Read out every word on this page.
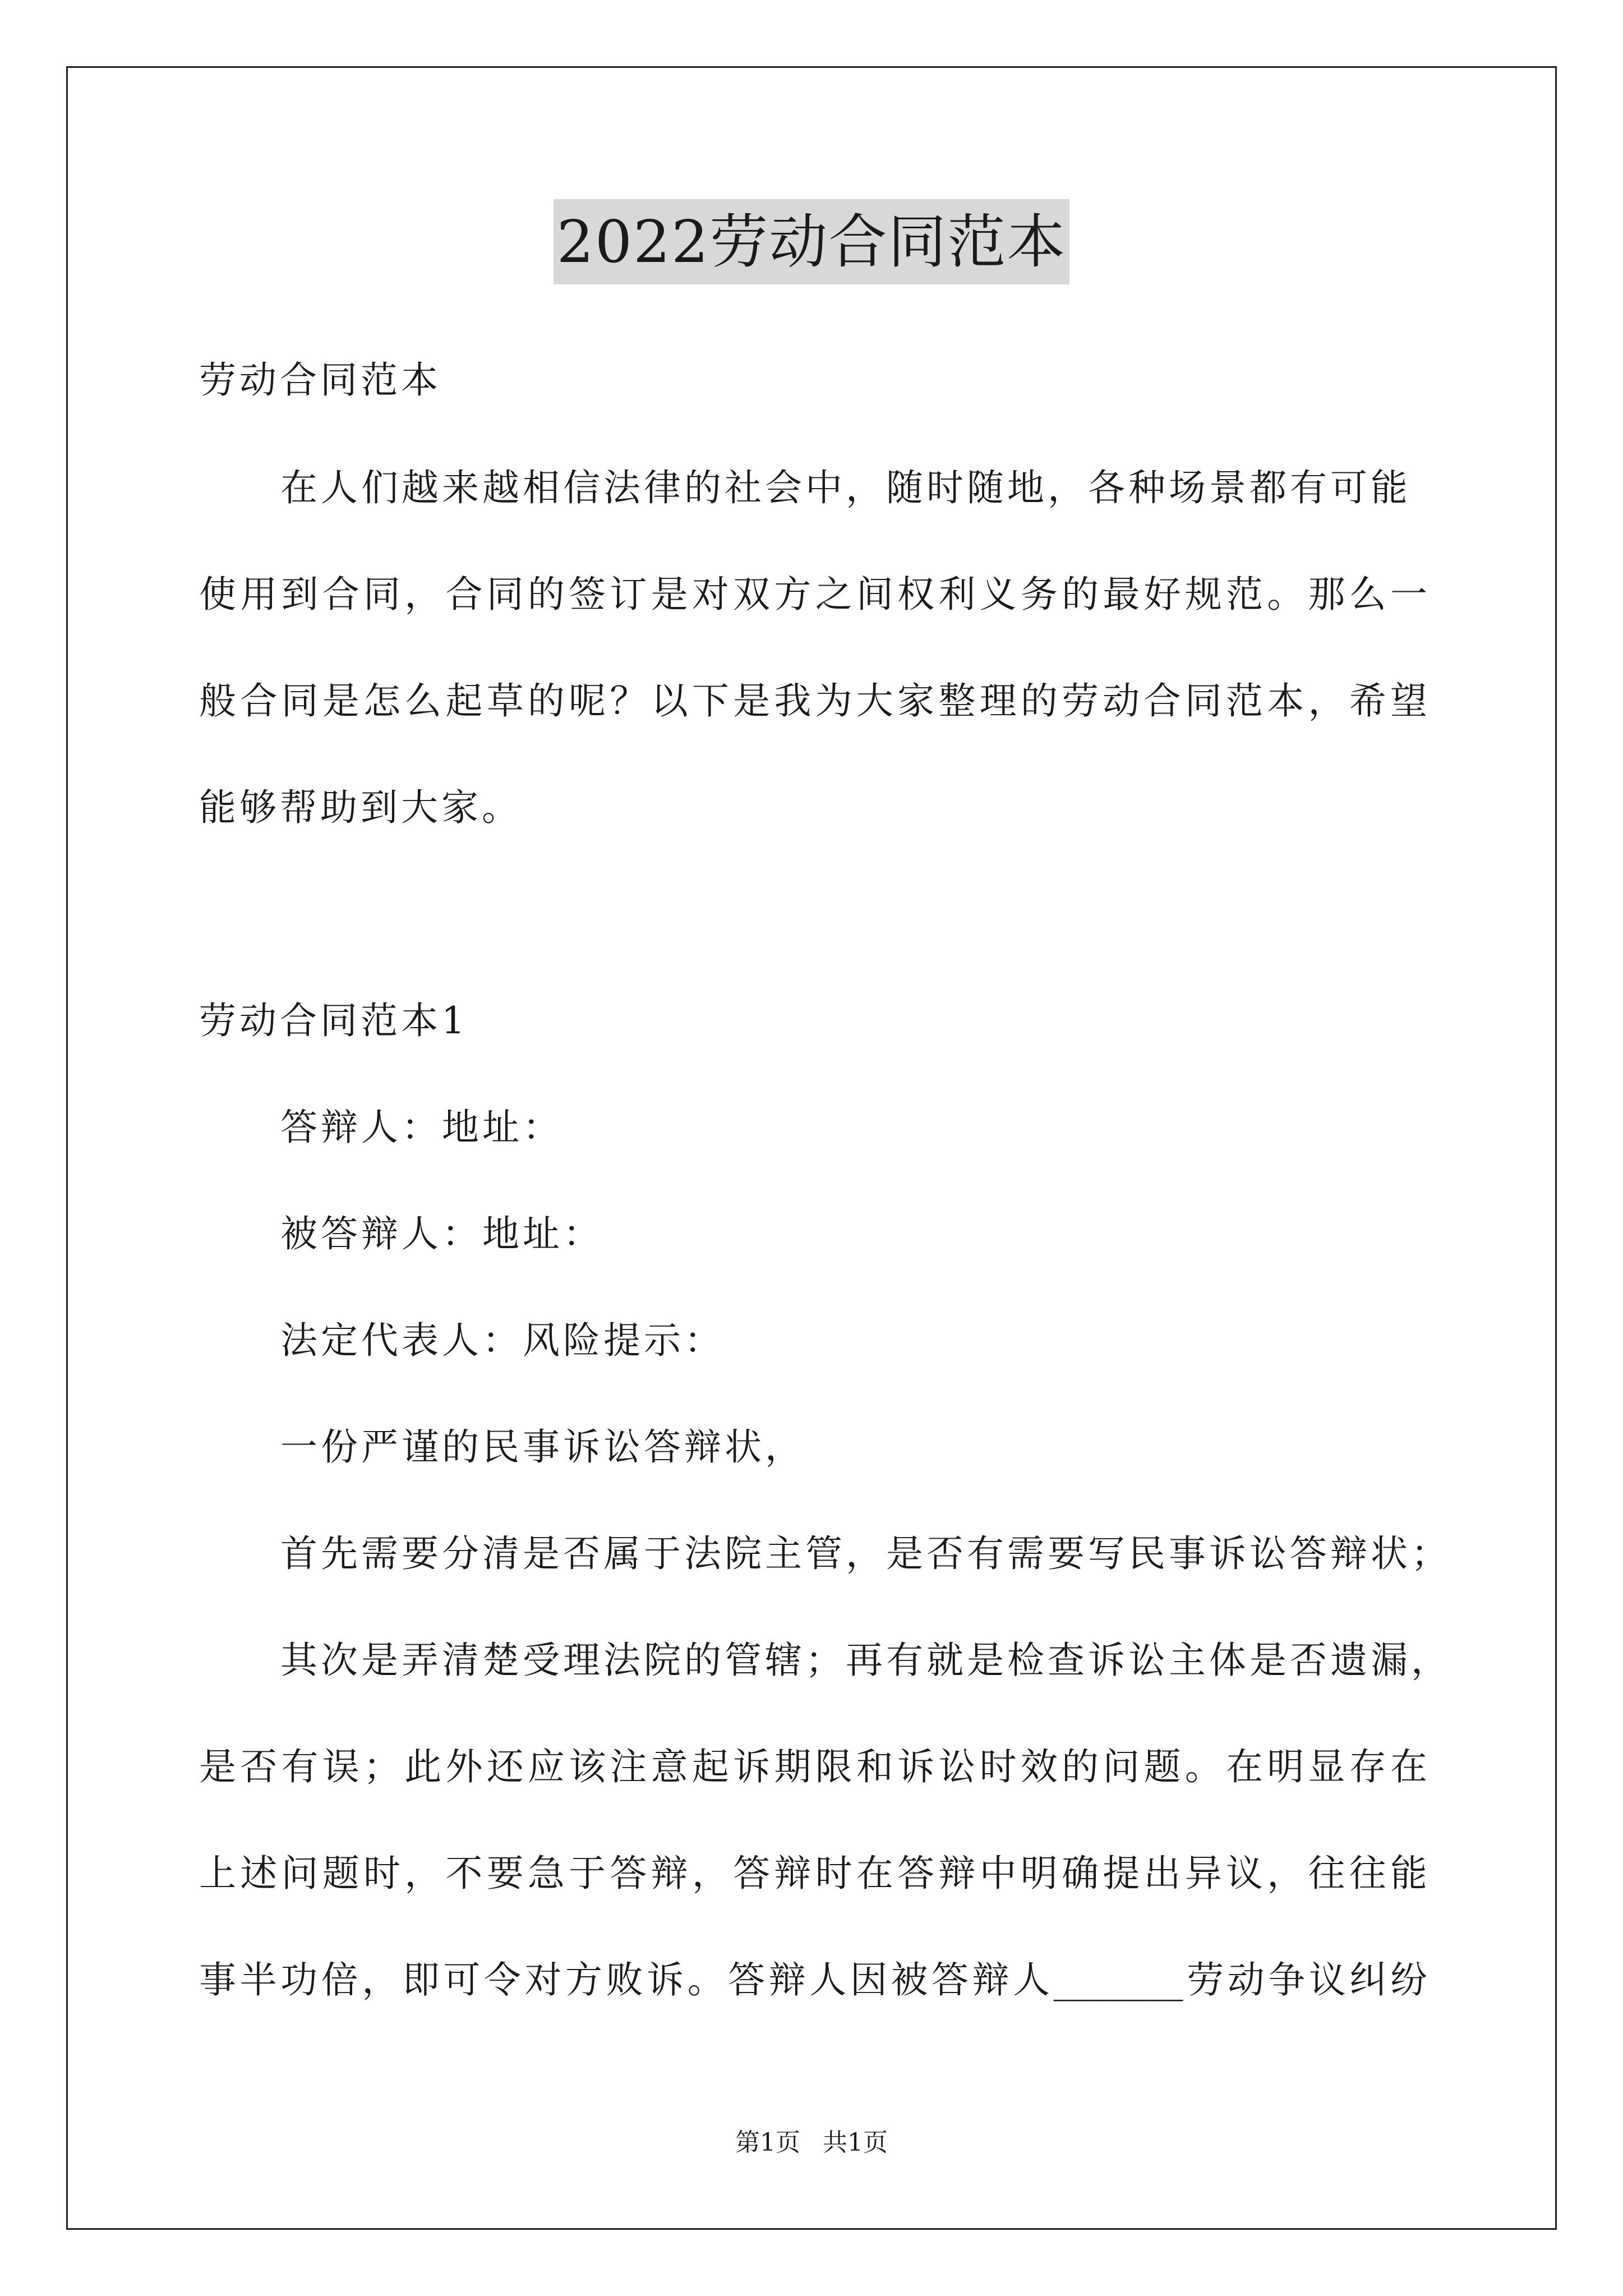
2022劳动合同范本
劳动合同范本
在人们越来越相信法律的社会中，随时随地，各种场景都有可能
使用到合同，合同的签订是对双方之间权利义务的最好规范。那么一
般合同是怎么起草的呢？以下是我为大家整理的劳动合同范本，希望
能够帮助到大家。
劳动合同范本1
答辩人：地址：
被答辩人：地址：
法定代表人：风险提示：
一份严谨的民事诉讼答辩状，
首先需要分清是否属于法院主管，是否有需要写民事诉讼答辩状；
其次是弄清楚受理法院的管辖；再有就是检查诉讼主体是否遗漏，
是否有误；此外还应该注意起诉期限和诉讼时效的问题。在明显存在
上述问题时，不要急于答辩，答辩时在答辩中明确提出异议，往往能
事半功倍，即可令对方败诉。答辩人因被答辩人_______劳动争议纠纷
第1页 共1页
